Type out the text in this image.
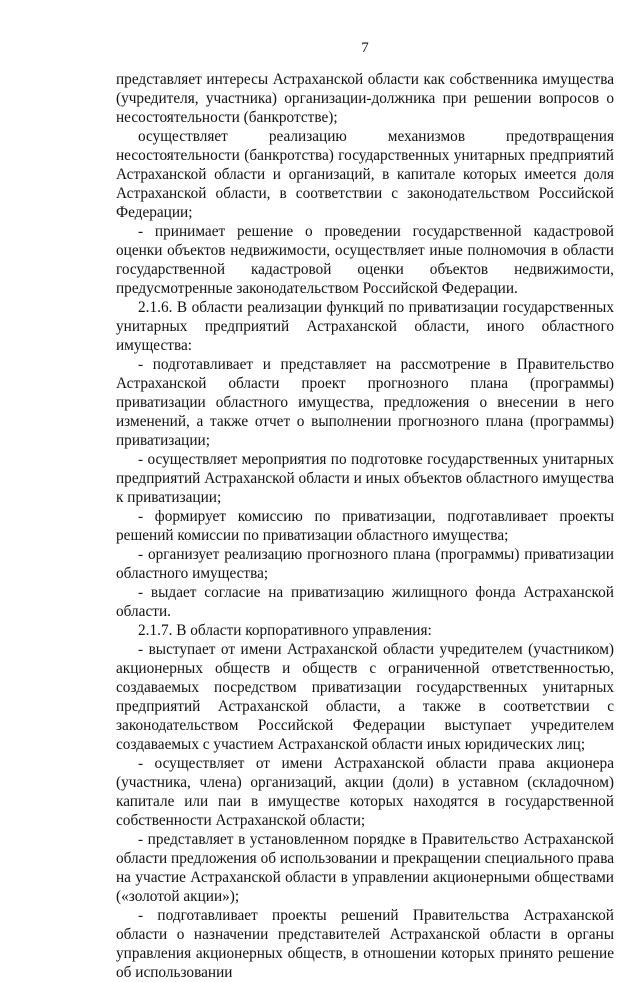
7

представляет интересы Астраханской области как собственника имущества (учредителя, участника) организации-должника при решении вопросов о несостоятельности (банкротстве);

осуществляет реализацию механизмов предотвращения несостоятельности (банкротства) государственных унитарных предприятий Астраханской области и организаций, в капитале которых имеется доля Астраханской области, в соответствии с законодательством Российской Федерации;

- принимает решение о проведении государственной кадастровой оценки объектов недвижимости, осуществляет иные полномочия в области государственной кадастровой оценки объектов недвижимости, предусмотренные законодательством Российской Федерации.

2.1.6. В области реализации функций по приватизации государственных унитарных предприятий Астраханской области, иного областного имущества:

- подготавливает и представляет на рассмотрение в Правительство Астраханской области проект прогнозного плана (программы) приватизации областного имущества, предложения о внесении в него изменений, а также отчет о выполнении прогнозного плана (программы) приватизации;

- осуществляет мероприятия по подготовке государственных унитарных предприятий Астраханской области и иных объектов областного имущества к приватизации;

- формирует комиссию по приватизации, подготавливает проекты решений комиссии по приватизации областного имущества;

- организует реализацию прогнозного плана (программы) приватизации областного имущества;

- выдает согласие на приватизацию жилищного фонда Астраханской области.

2.1.7. В области корпоративного управления:

- выступает от имени Астраханской области учредителем (участником) акционерных обществ и обществ с ограниченной ответственностью, создаваемых посредством приватизации государственных унитарных предприятий Астраханской области, а также в соответствии с законодательством Российской Федерации выступает учредителем создаваемых с участием Астраханской области иных юридических лиц;

- осуществляет от имени Астраханской области права акционера (участника, члена) организаций, акции (доли) в уставном (складочном) капитале или паи в имуществе которых находятся в государственной собственности Астраханской области;

- представляет в установленном порядке в Правительство Астраханской области предложения об использовании и прекращении специального права на участие Астраханской области в управлении акционерными обществами («золотой акции»);

- подготавливает проекты решений Правительства Астраханской области о назначении представителей Астраханской области в органы управления акционерных обществ, в отношении которых принято решение об использовании
